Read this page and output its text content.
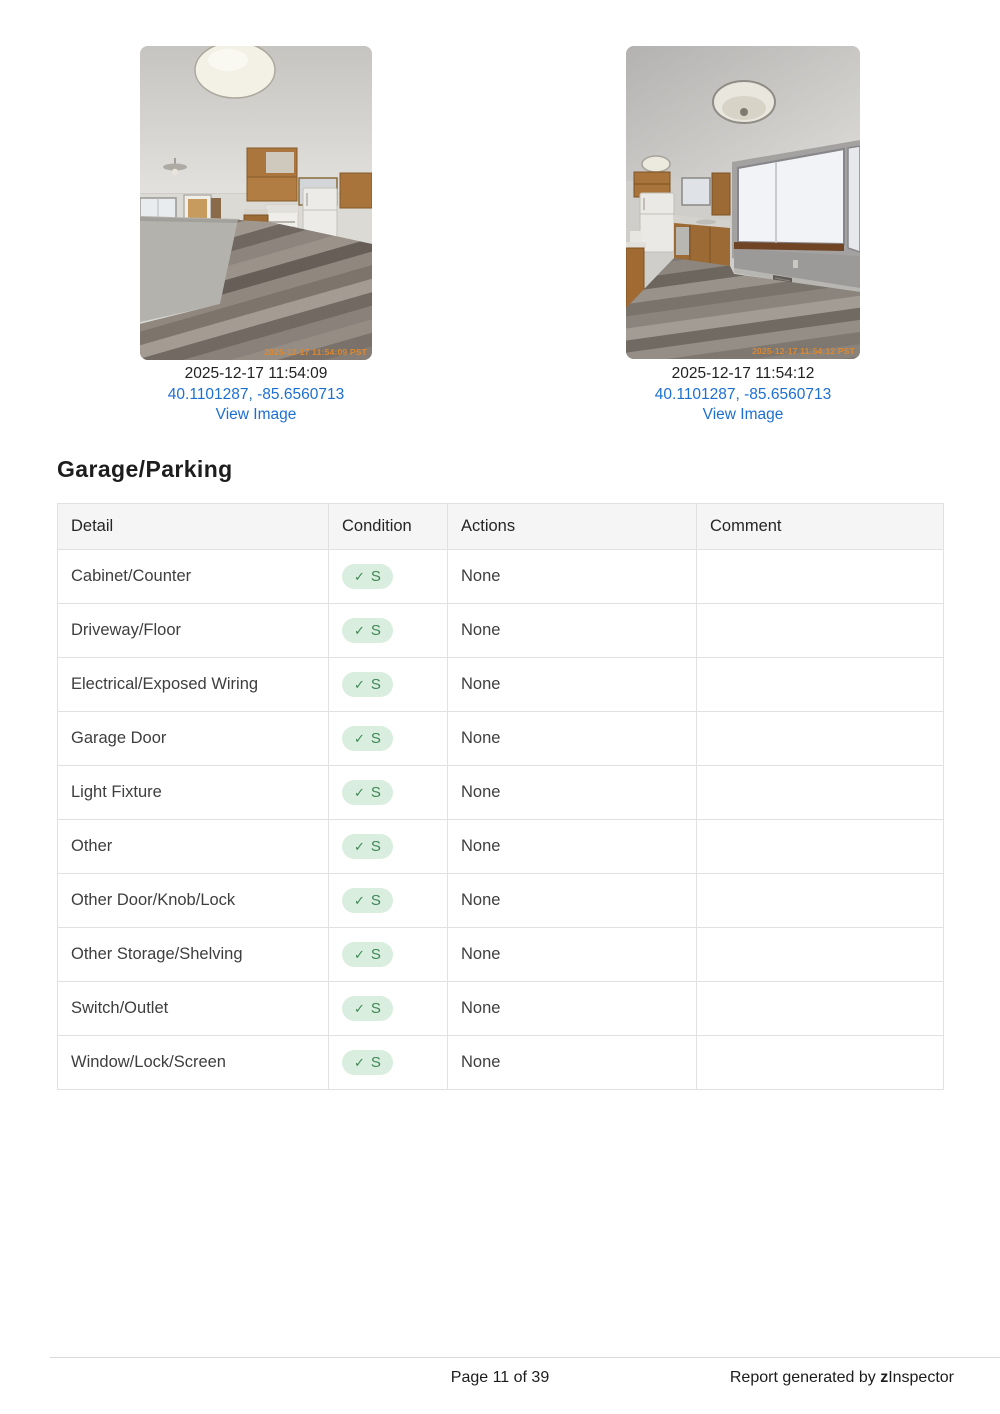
2025-12-17 11:54:09 PST
2025-12-17 11:54:09
40.1101287, -85.6560713
View Image
2025-12-17 11:54:12 PST
2025-12-17 11:54:12
40.1101287, -85.6560713
View Image
Garage/Parking
Detail	Condition	Actions	Comment
Cabinet/Counter	✓ S	None	
Driveway/Floor	✓ S	None	
Electrical/Exposed Wiring	✓ S	None	
Garage Door	✓ S	None	
Light Fixture	✓ S	None	
Other	✓ S	None	
Other Door/Knob/Lock	✓ S	None	
Other Storage/Shelving	✓ S	None	
Switch/Outlet	✓ S	None	
Window/Lock/Screen	✓ S	None	
Page 11 of 39	Report generated by zInspector
